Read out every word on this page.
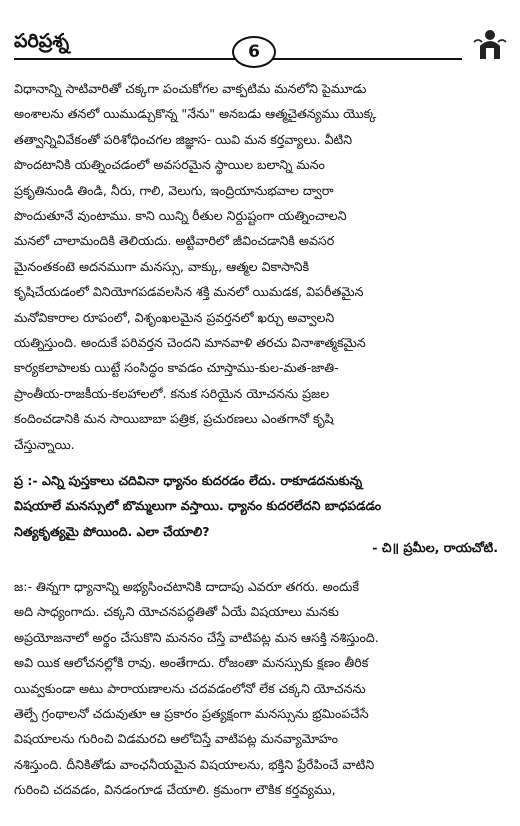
పరిప్రశ్న	6
విధానాన్ని సాటివారితో చక్కగా పంచుకోగల వాక్పటిమ మనలోని పైమూడు
అంశాలను తనలో యిముడ్చుకొన్న "నేను" అనబడు ఆత్మచైతన్యము యొక్క
తత్వాన్నివివేకంతో పరిశోధించగల జిజ్ఞాస- యివి మన కర్తవ్యాలు. వీటిని
పొందటానికి యత్నించడంలో అవసరమైన స్థాయిల బలాన్ని మనం
ప్రకృతినుండి తిండి, నీరు, గాలి, వెలుగు, ఇంద్రియానుభవాల ద్వారా
పొందుతూనే వుంటాము. కాని యిన్ని రీతుల నిర్దుష్టంగా యత్నించాలని
మనలో చాలామందికి తెలియదు. అట్టివారిలో జీవించడానికి అవసర
మైనంతకంటె అదనముగా మనస్సు, వాక్కు, ఆత్మల వికాసానికి
కృషిచేయడంలో వినియోగపడవలసిన శక్తి మనలో యిమడక, విపరీతమైన
మనోవికారాల రూపంలో, విశృంఖలమైన ప్రవర్తనలో ఖర్చు అవ్వాలని
యత్నిస్తుంది. అందుకే పరివర్తన చెందని మానవాళి తరచు వినాశాత్మకమైన
కార్యకలాపాలకు యిట్టే సంసిద్ధం కావడం చూస్తాము-కుల-మత-జాతి-
ప్రాంతీయ-రాజకీయ-కలహాలలో. కనుక సరియైన యోచనను ప్రజల
కందించడానికి మన సాయిబాబా పత్రిక, ప్రచురణలు ఎంతగానో కృషి
చేస్తున్నాయి.
ప్ర :- ఎన్ని పుస్తకాలు చదివినా ధ్యానం కుదరడం లేదు. రాకూడదనుకున్న
విషయాలే మనస్సులో బొమ్మలుగా వస్తాయి. ధ్యానం కుదరలేదని బాధపడడం
నిత్యకృత్యమై పోయింది. ఎలా చేయాలి?
- చి॥ ప్రమీల, రాయచోటి.
జ:- తిన్నగా ధ్యానాన్ని అభ్యసించటానికి దాదాపు ఎవరూ తగరు. అందుకే
అది సాధ్యంగాదు. చక్కని యోచనపద్ధతితో ఏయే విషయాలు మనకు
అప్రయోజనాలో అర్థం చేసుకొని మననం చేస్తే వాటిపట్ల మన ఆసక్తి నశిస్తుంది.
అవి యిక ఆలోచనల్లోకి రావు. అంతేగాదు. రోజంతా మనస్సుకు క్షణం తీరిక
యివ్వకుండా అటు పారాయణాలను చదవడంలోనో లేక చక్కని యోచనను
తెల్పే గ్రంథాలనో చదువుతూ ఆ ప్రకారం ప్రత్యక్షంగా మనస్సును భ్రమింపచేసే
విషయాలను గురించి విడమరచి ఆలోచిస్తే వాటిపట్ల మనవ్యామోహం
నశిస్తుంది. దీనికితోడు వాంఛనీయమైన విషయాలను, భక్తిని ప్రేరేపించే వాటిని
గురించి చదవడం, వినడంగూడ చేయాలి. క్రమంగా లౌకిక కర్తవ్యము,
